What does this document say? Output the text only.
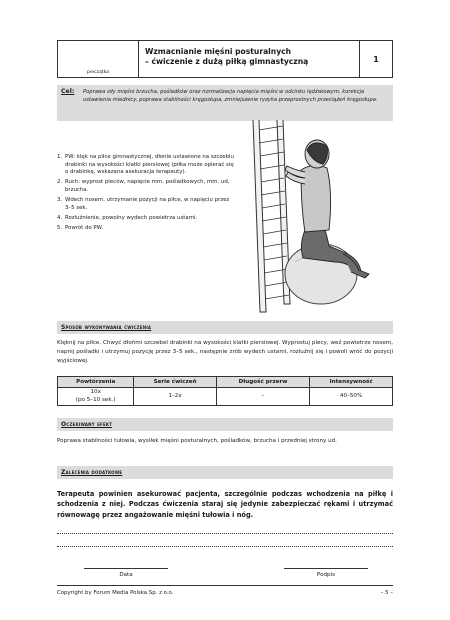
pieczątka
Wzmacnianie mięśni posturalnych
– ćwiczenie z dużą piłką gimnastyczną	1
Cel:	Poprawa siły mięśni brzucha, pośladków oraz normalizacja napięcia mięśni w odcinku lędźwiowym, korekcja ustawienia miednicy, poprawa stabilności kręgosłupa, zmniejszenie ryzyka przeprostnych przeciążeń kręgosłupa.
1. PW: klęk na piłce gimnastycznej, dłonie ustawione na szczeblu drabinki na wysokości klatki piersiowej (piłka może opierać się o drabinkę, wskazana asekuracja terapeuty).
2. Ruch: wyprost pleców, napięcie mm. pośladkowych, mm. ud, brzucha.
3. Wdech nosem, utrzymanie pozycji na piłce, w napięciu przez 3–5 sek.
4. Rozluźnienie, powolny wydech powietrza ustami.
5. Powrót do PW.
Sposób wykonywania ćwiczenia

Klęknij na piłce. Chwyć dłońmi szczebel drabinki na wysokości klatki piersiowej. Wyprostuj plecy, weź powietrze nosem, napnij pośladki i utrzymuj pozycję przez 3–5 sek., następnie zrób wydech ustami, rozluźnij się i powoli wróć do pozycji wyjściowej.

Powtórzenia	Serie ćwiczeń	Długość przerw	Intensywność

10x
(po 5–10 sek.)	1–2x	–	40–50%
Oczekiwany efekt

Poprawa stabilności tułowia, wysiłek mięśni posturalnych, pośladków, brzucha i przedniej strony ud.

Zalecenia dodatkowe

Terapeuta powinien asekurować pacjenta, szczególnie podczas wchodzenia na piłkę i schodzenia z niej. Podczas ćwiczenia staraj się jedynie zabezpieczać rękami i utrzymać równowagę przez angażowanie mięśni tułowia i nóg.

Data	Podpis
Copyright by Forum Media Polska Sp. z o.o.	– 5 –
